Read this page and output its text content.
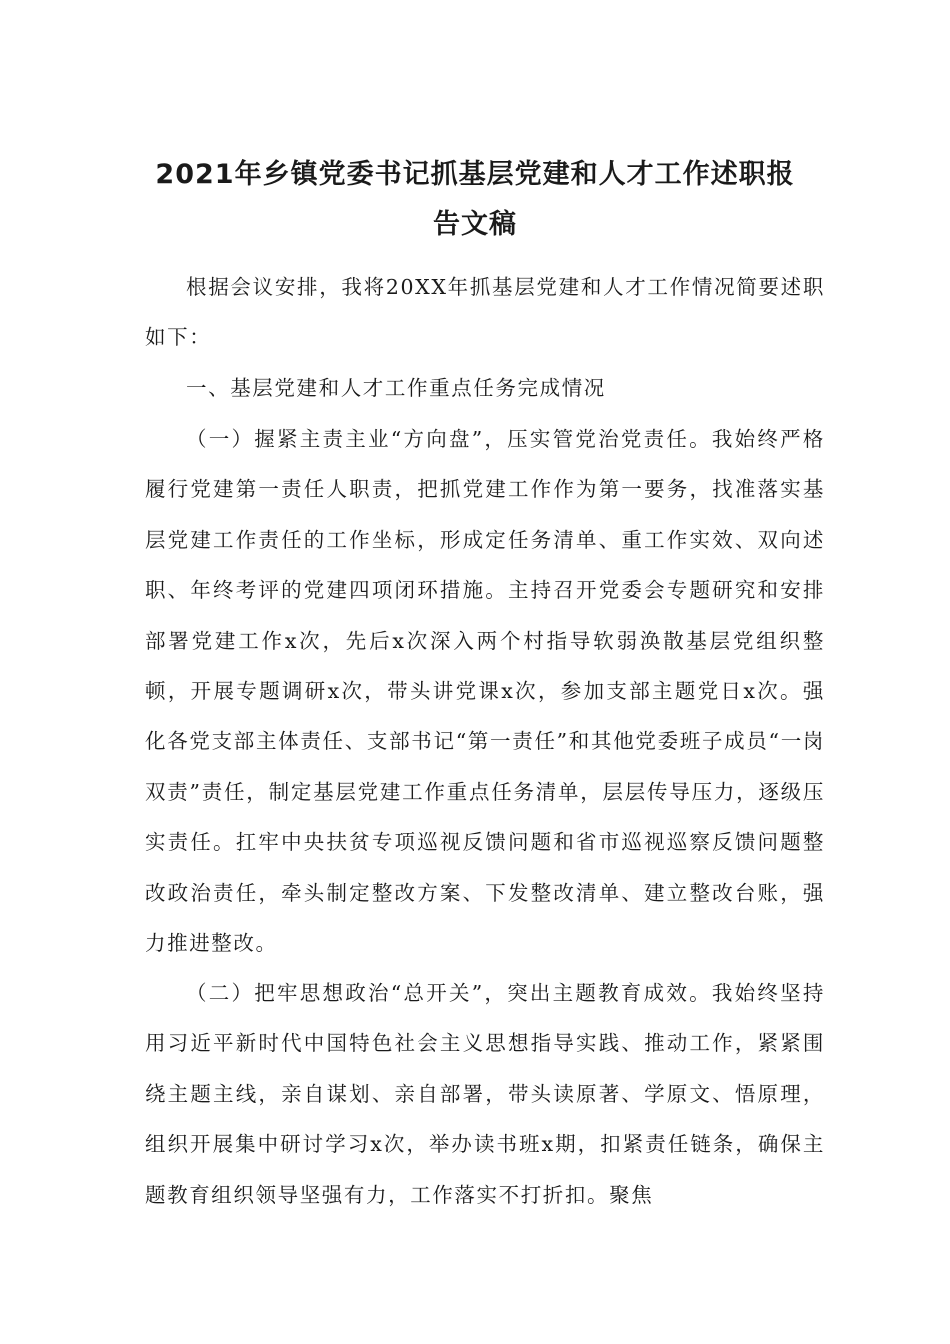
2021年乡镇党委书记抓基层党建和人才工作述职报
告文稿

根据会议安排，我将20XX年抓基层党建和人才工作情况简要述职如下：

一、基层党建和人才工作重点任务完成情况

（一）握紧主责主业“方向盘”，压实管党治党责任。我始终严格履行党建第一责任人职责，把抓党建工作作为第一要务，找准落实基层党建工作责任的工作坐标，形成定任务清单、重工作实效、双向述职、年终考评的党建四项闭环措施。主持召开党委会专题研究和安排部署党建工作x次，先后x次深入两个村指导软弱涣散基层党组织整顿，开展专题调研x次，带头讲党课x次，参加支部主题党日x次。强化各党支部主体责任、支部书记“第一责任”和其他党委班子成员“一岗双责”责任，制定基层党建工作重点任务清单，层层传导压力，逐级压实责任。扛牢中央扶贫专项巡视反馈问题和省市巡视巡察反馈问题整改政治责任，牵头制定整改方案、下发整改清单、建立整改台账，强力推进整改。

（二）把牢思想政治“总开关”，突出主题教育成效。我始终坚持用习近平新时代中国特色社会主义思想指导实践、推动工作，紧紧围绕主题主线，亲自谋划、亲自部署，带头读原著、学原文、悟原理，组织开展集中研讨学习x次，举办读书班x期，扣紧责任链条，确保主题教育组织领导坚强有力，工作落实不打折扣。聚焦
